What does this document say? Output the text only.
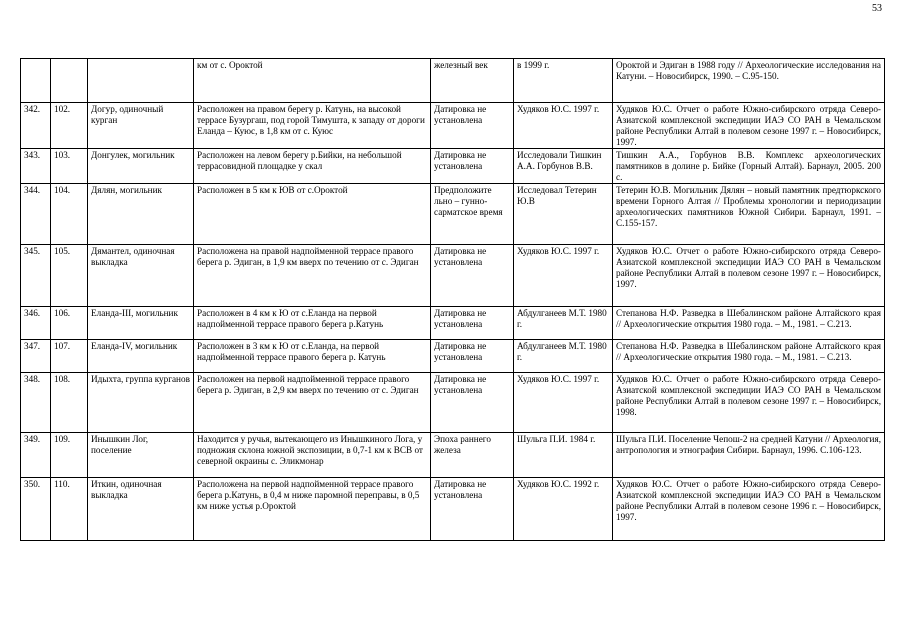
53
			км от с. Ороктой	железный век	в 1999 г.	Ороктой и Эдиган в 1988 году // Археологические исследования на Катуни. – Новосибирск, 1990. – С.95-150.
342.	102.	Догур, одиночный курган	Расположен на правом берегу р. Катунь, на высокой террасе Бузургаш, под горой Тимушта, к западу от дороги Еланда – Куюс, в 1,8 км от с. Куюс	Датировка не установлена	Худяков Ю.С. 1997 г.	Худяков Ю.С. Отчет о работе Южно-сибирского отряда Северо-Азиатской комплексной экспедиции ИАЭ СО РАН в Чемальском районе Республики Алтай в полевом сезоне 1997 г. – Новосибирск, 1997.
343.	103.	Донгулек, могильник	Расположен на левом берегу р.Бийки, на небольшой террасовидной площадке у скал	Датировка не установлена	Исследовали Тишкин А.А. Горбунов В.В.	Тишкин А.А., Горбунов В.В. Комплекс археологических памятников в долине р. Бийке (Горный Алтай). Барнаул, 2005. 200 с.
344.	104.	Дялян, могильник	Расположен в 5 км к ЮВ от с.Ороктой	Предположите льно – гунно-сарматское время	Исследовал Тетерин Ю.В	Тетерин Ю.В. Могильник Дялян – новый памятник предтюркского времени Горного Алтая // Проблемы хронологии и периодизации археологических памятников Южной Сибири. Барнаул, 1991. –С.155-157.
345.	105.	Дямантел, одиночная выкладка	Расположена на правой надпойменной террасе правого берега р. Эдиган, в 1,9 км вверх по течению от с. Эдиган	Датировка не установлена	Худяков Ю.С. 1997 г.	Худяков Ю.С. Отчет о работе Южно-сибирского отряда Северо-Азиатской комплексной экспедиции ИАЭ СО РАН в Чемальском районе Республики Алтай в полевом сезоне 1997 г. – Новосибирск, 1997.
346.	106.	Еланда-III, могильник	Расположен в 4 км к Ю от с.Еланда на первой надпойменной террасе правого берега р.Катунь	Датировка не установлена	Абдулганеев М.Т. 1980 г.	Степанова Н.Ф. Разведка в Шебалинском районе Алтайского края // Археологические открытия 1980 года. – М., 1981. – С.213.
347.	107.	Еланда-IV, могильник	Расположен в 3 км к Ю от с.Еланда, на первой надпойменной террасе правого берега р. Катунь	Датировка не установлена	Абдулганеев М.Т. 1980 г.	Степанова Н.Ф. Разведка в Шебалинском районе Алтайского края // Археологические открытия 1980 года. – М., 1981. – С.213.
348.	108.	Идыхта, группа курганов	Расположен на первой надпойменной террасе правого берега р. Эдиган, в 2,9 км вверх по течению от с. Эдиган	Датировка не установлена	Худяков Ю.С. 1997 г.	Худяков Ю.С. Отчет о работе Южно-сибирского отряда Северо-Азиатской комплексной экспедиции ИАЭ СО РАН в Чемальском районе Республики Алтай в полевом сезоне 1997 г. – Новосибирск, 1998.
349.	109.	Инышкин Лог, поселение	Находится у ручья, вытекающего из Инышкиного Лога, у подножия склона южной экспозиции, в 0,7-1 км к ВСВ от северной окраины с. Эликмонар	Эпоха раннего железа	Шульга П.И. 1984 г.	Шульга П.И. Поселение Чепош-2 на средней Катуни // Археология, антропология и этнография Сибири. Барнаул, 1996. С.106-123.
350.	110.	Иткин, одиночная выкладка	Расположена на первой надпойменной террасе правого берега р.Катунь, в 0,4 м ниже паромной переправы, в 0,5 км ниже устья р.Ороктой	Датировка не установлена	Худяков Ю.С. 1992 г.	Худяков Ю.С. Отчет о работе Южно-сибирского отряда Северо-Азиатской комплексной экспедиции ИАЭ СО РАН в Чемальском районе Республики Алтай в полевом сезоне 1996 г. – Новосибирск, 1997.
